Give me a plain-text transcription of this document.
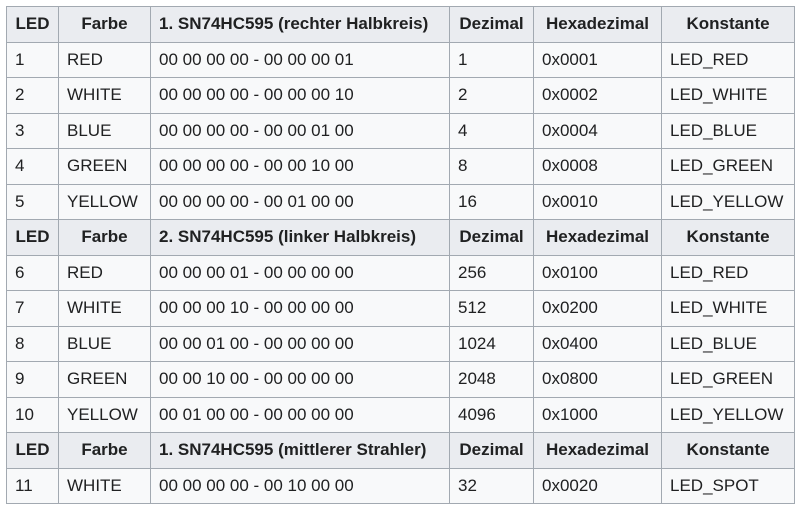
LED	Farbe	1. SN74HC595 (rechter Halbkreis)	Dezimal	Hexadezimal	Konstante
1	RED	00 00 00 00 - 00 00 00 01	1	0x0001	LED_RED
2	WHITE	00 00 00 00 - 00 00 00 10	2	0x0002	LED_WHITE
3	BLUE	00 00 00 00 - 00 00 01 00	4	0x0004	LED_BLUE
4	GREEN	00 00 00 00 - 00 00 10 00	8	0x0008	LED_GREEN
5	YELLOW	00 00 00 00 - 00 01 00 00	16	0x0010	LED_YELLOW
LED	Farbe	2. SN74HC595 (linker Halbkreis)	Dezimal	Hexadezimal	Konstante
6	RED	00 00 00 01 - 00 00 00 00	256	0x0100	LED_RED
7	WHITE	00 00 00 10 - 00 00 00 00	512	0x0200	LED_WHITE
8	BLUE	00 00 01 00 - 00 00 00 00	1024	0x0400	LED_BLUE
9	GREEN	00 00 10 00 - 00 00 00 00	2048	0x0800	LED_GREEN
10	YELLOW	00 01 00 00 - 00 00 00 00	4096	0x1000	LED_YELLOW
LED	Farbe	1. SN74HC595 (mittlerer Strahler)	Dezimal	Hexadezimal	Konstante
11	WHITE	00 00 00 00 - 00 10 00 00	32	0x0020	LED_SPOT
